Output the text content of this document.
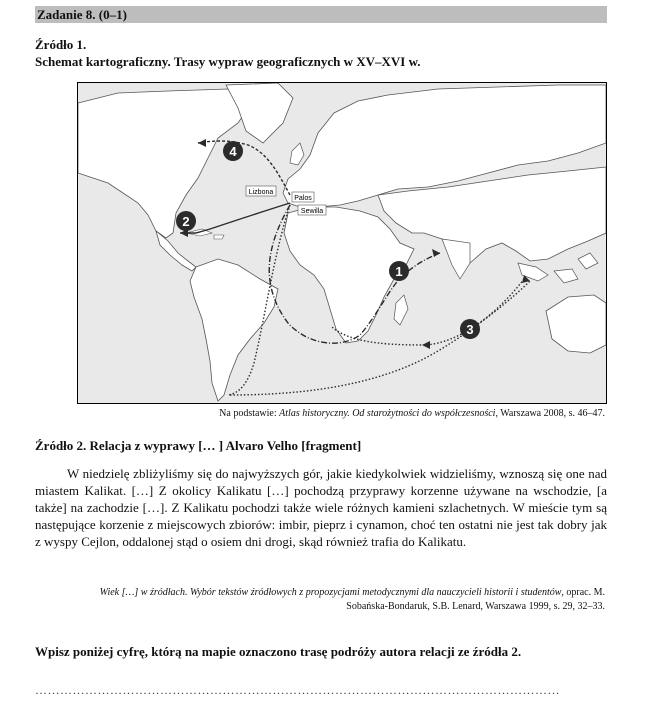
Zadanie 8. (0–1)
Źródło 1.
Schemat kartograficzny. Trasy wypraw geograficznych w XV–XVI w.
Lizbona
Palos
Sewilla
1
2
3
4
Na podstawie: Atlas historyczny. Od starożytności do współczesności, Warszawa 2008, s. 46–47.
Źródło 2. Relacja z wyprawy [… ] Alvaro Velho [fragment]

W niedzielę zbliżyliśmy się do najwyższych gór, jakie kiedykolwiek widzieliśmy, wznoszą się one nad miastem Kalikat. […] Z okolicy Kalikatu […] pochodzą przyprawy korzenne używane na wschodzie, [a także] na zachodzie […]. Z Kalikatu pochodzi także wiele różnych kamieni szlachetnych. W mieście tym są następujące korzenie z miejscowych zbiorów: imbir, pieprz i cynamon, choć ten ostatni nie jest tak dobry jak z wyspy Cejlon, oddalonej stąd o osiem dni drogi, skąd również trafia do Kalikatu.

Wiek […] w źródłach. Wybór tekstów źródłowych z propozycjami metodycznymi dla nauczycieli historii i studentów, oprac. M. Sobańska-Bondaruk, S.B. Lenard, Warszawa 1999, s. 29, 32–33.
Wpisz poniżej cyfrę, którą na mapie oznaczono trasę podróży autora relacji ze źródła 2.
………………………………………………………………………………………………………………
